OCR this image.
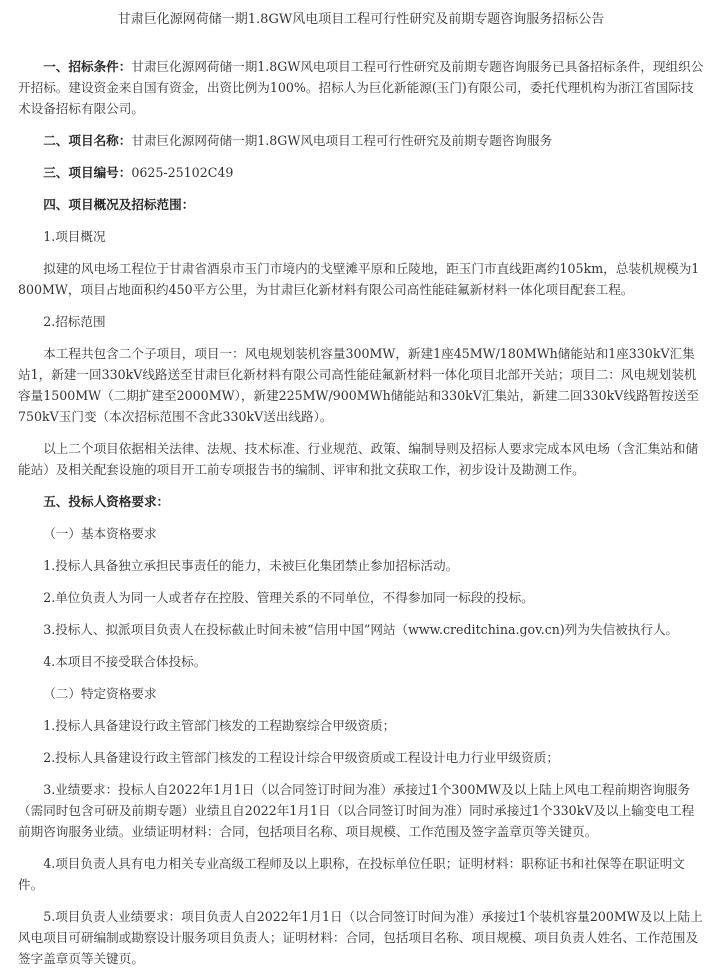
甘肃巨化源网荷储一期1.8GW风电项目工程可行性研究及前期专题咨询服务招标公告

一、招标条件：甘肃巨化源网荷储一期1.8GW风电项目工程可行性研究及前期专题咨询服务已具备招标条件，现组织公开招标。建设资金来自国有资金，出资比例为100%。招标人为巨化新能源(玉门)有限公司，委托代理机构为浙江省国际技术设备招标有限公司。

二、项目名称：甘肃巨化源网荷储一期1.8GW风电项目工程可行性研究及前期专题咨询服务

三、项目编号：0625-25102C49

四、项目概况及招标范围：

1.项目概况

拟建的风电场工程位于甘肃省酒泉市玉门市境内的戈壁滩平原和丘陵地，距玉门市直线距离约105km，总装机规模为1800MW，项目占地面积约450平方公里，为甘肃巨化新材料有限公司高性能硅氟新材料一体化项目配套工程。

2.招标范围

本工程共包含二个子项目，项目一：风电规划装机容量300MW，新建1座45MW/180MWh储能站和1座330kV汇集站1，新建一回330kV线路送至甘肃巨化新材料有限公司高性能硅氟新材料一体化项目北部开关站；项目二：风电规划装机容量1500MW（二期扩建至2000MW），新建225MW/900MWh储能站和330kV汇集站，新建二回330kV线路暂按送至750kV玉门变（本次招标范围不含此330kV送出线路）。

以上二个项目依据相关法律、法规、技术标准、行业规范、政策、编制导则及招标人要求完成本风电场（含汇集站和储能站）及相关配套设施的项目开工前专项报告书的编制、评审和批文获取工作，初步设计及勘测工作。

五、投标人资格要求：

（一）基本资格要求

1.投标人具备独立承担民事责任的能力，未被巨化集团禁止参加招标活动。

2.单位负责人为同一人或者存在控股、管理关系的不同单位，不得参加同一标段的投标。

3.投标人、拟派项目负责人在投标截止时间未被“信用中国”网站（www.creditchina.gov.cn)列为失信被执行人。

4.本项目不接受联合体投标。

（二）特定资格要求

1.投标人具备建设行政主管部门核发的工程勘察综合甲级资质；

2.投标人具备建设行政主管部门核发的工程设计综合甲级资质或工程设计电力行业甲级资质；

3.业绩要求：投标人自2022年1月1日（以合同签订时间为准）承接过1个300MW及以上陆上风电工程前期咨询服务（需同时包含可研及前期专题）业绩且自2022年1月1日（以合同签订时间为准）同时承接过1个330kV及以上输变电工程前期咨询服务业绩。业绩证明材料：合同，包括项目名称、项目规模、工作范围及签字盖章页等关键页。

4.项目负责人具有电力相关专业高级工程师及以上职称，在投标单位任职；证明材料：职称证书和社保等在职证明文件。

5.项目负责人业绩要求：项目负责人自2022年1月1日（以合同签订时间为准）承接过1个装机容量200MW及以上陆上风电项目可研编制或勘察设计服务项目负责人；证明材料：合同，包括项目名称、项目规模、项目负责人姓名、工作范围及签字盖章页等关键页。
